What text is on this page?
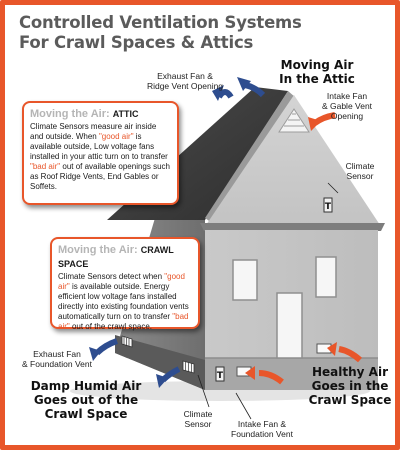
Controlled Ventilation Systems
For Crawl Spaces & Attics
T
T
Exhaust Fan &
Ridge Vent Opening
Moving Air
In the Attic
Intake Fan
& Gable Vent
Opening
Climate
Sensor
Exhaust Fan
& Foundation Vent
Damp Humid Air
Goes out of the
Crawl Space
Healthy Air
Goes in the
Crawl Space
Climate
Sensor	Intake Fan &
Foundation Vent
Moving the Air: ATTIC
Climate Sensors measure air inside and outside. When "good air" is available outside, Low voltage fans installed in your attic turn on to transfer "bad air" out of available openings such as Roof Ridge Vents, End Gables or Soffets.
Moving the Air: CRAWL SPACE
Climate Sensors detect when "good air" is available outside. Energy efficient low voltage fans installed directly into existing foundation vents automatically turn on to transfer "bad air" out of the crawl space.
